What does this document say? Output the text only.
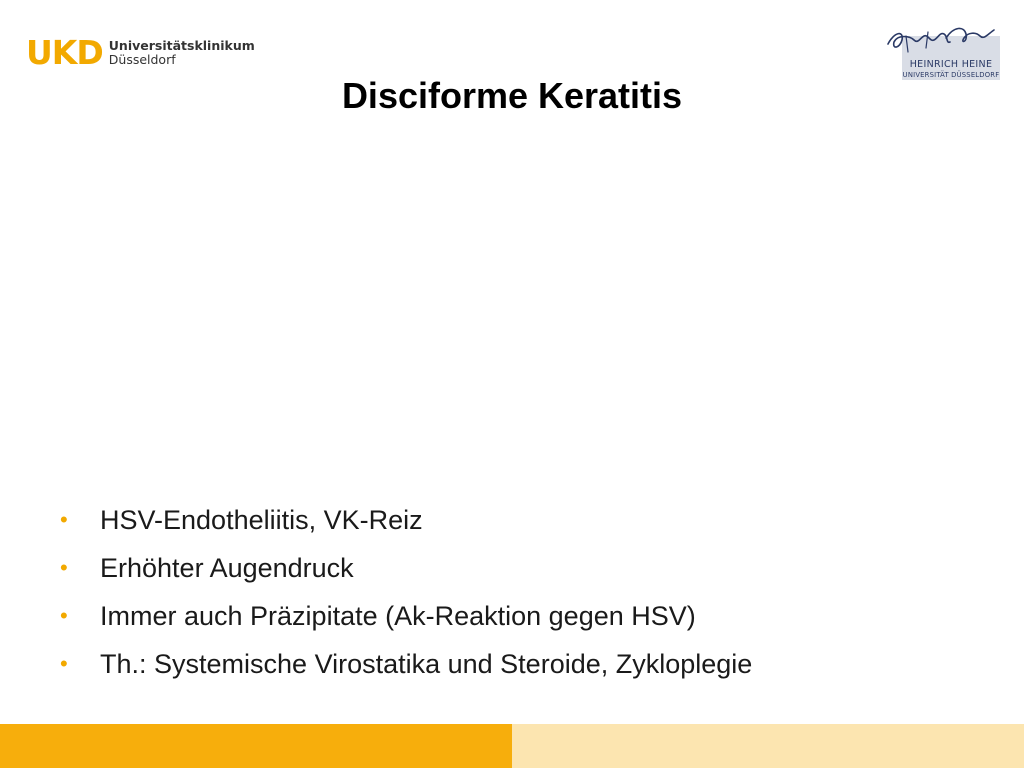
UKD Universitätsklinikum
Düsseldorf	HEINRICH HEINE
UNIVERSITÄT DÜSSELDORF
Disciforme Keratitis
• HSV-Endotheliitis, VK-Reiz
• Erhöhter Augendruck
• Immer auch Präzipitate (Ak-Reaktion gegen HSV)
• Th.: Systemische Virostatika und Steroide, Zykloplegie
